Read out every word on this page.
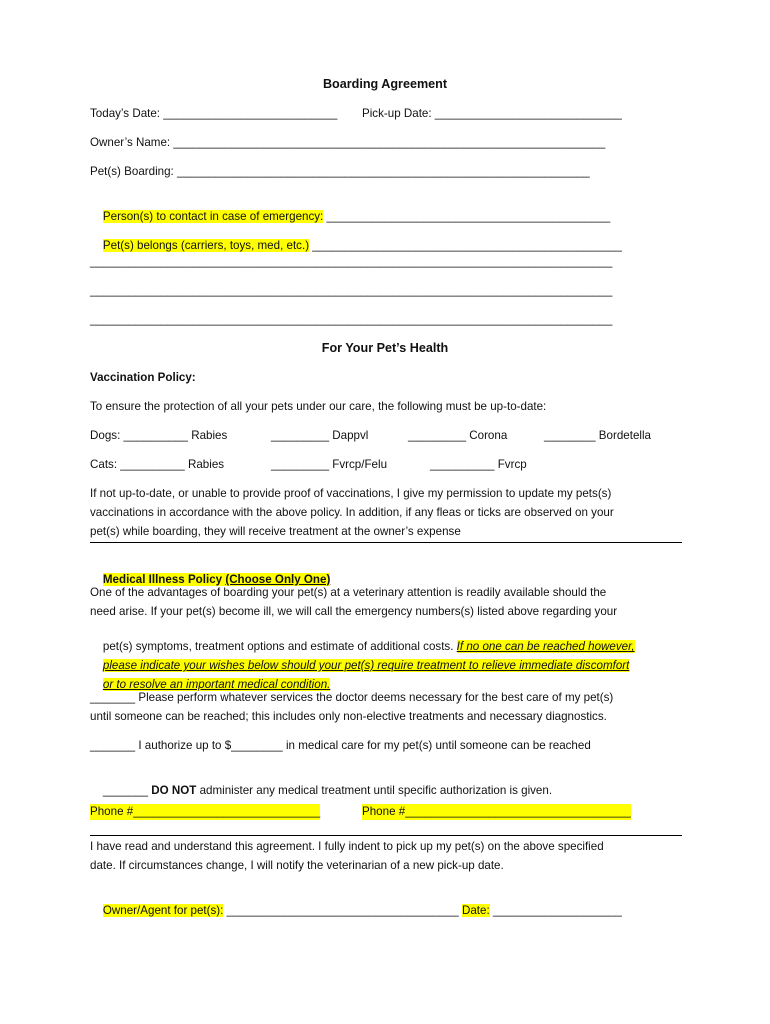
Boarding Agreement
Today’s Date: ___________________________ Pick-up Date: _____________________________
Owner’s Name: ___________________________________________________________________
Pet(s) Boarding: ________________________________________________________________

Person(s) to contact in case of emergency: ____________________________________________

Pet(s) belongs (carriers, toys, med, etc.) ________________________________________________

_________________________________________________________________________________
_________________________________________________________________________________
_________________________________________________________________________________
For Your Pet’s Health
Vaccination Policy:
To ensure the protection of all your pets under our care, the following must be up-to-date:
Dogs: __________ Rabies	_________ Dappvl	_________ Corona	________ Bordetella
Cats: __________ Rabies	_________ Fvrcp/Felu	__________ Fvrcp
If not up-to-date, or unable to provide proof of vaccinations, I give my permission to update my pets(s)
vaccinations in accordance with the above policy. In addition, if any fleas or ticks are observed on your
pet(s) while boarding, they will receive treatment at the owner’s expense

Medical Illness Policy (Choose Only One)

One of the advantages of boarding your pet(s) at a veterinary attention is readily available should the
need arise. If your pet(s) become ill, we will call the emergency numbers(s) listed above regarding your

pet(s) symptoms, treatment options and estimate of additional costs. If no one can be reached however,

please indicate your wishes below should your pet(s) require treatment to relieve immediate discomfort

or to resolve an important medical condition.

_______ Please perform whatever services the doctor deems necessary for the best care of my pet(s)
until someone can be reached; this includes only non-elective treatments and necessary diagnostics.
_______ I authorize up to $________ in medical care for my pet(s) until someone can be reached

_______ DO NOT administer any medical treatment until specific authorization is given.

Phone #_____________________________	Phone #___________________________________
I have read and understand this agreement. I fully indent to pick up my pet(s) on the above specified
date. If circumstances change, I will notify the veterinarian of a new pick-up date.

Owner/Agent for pet(s): ____________________________________ Date: ____________________
